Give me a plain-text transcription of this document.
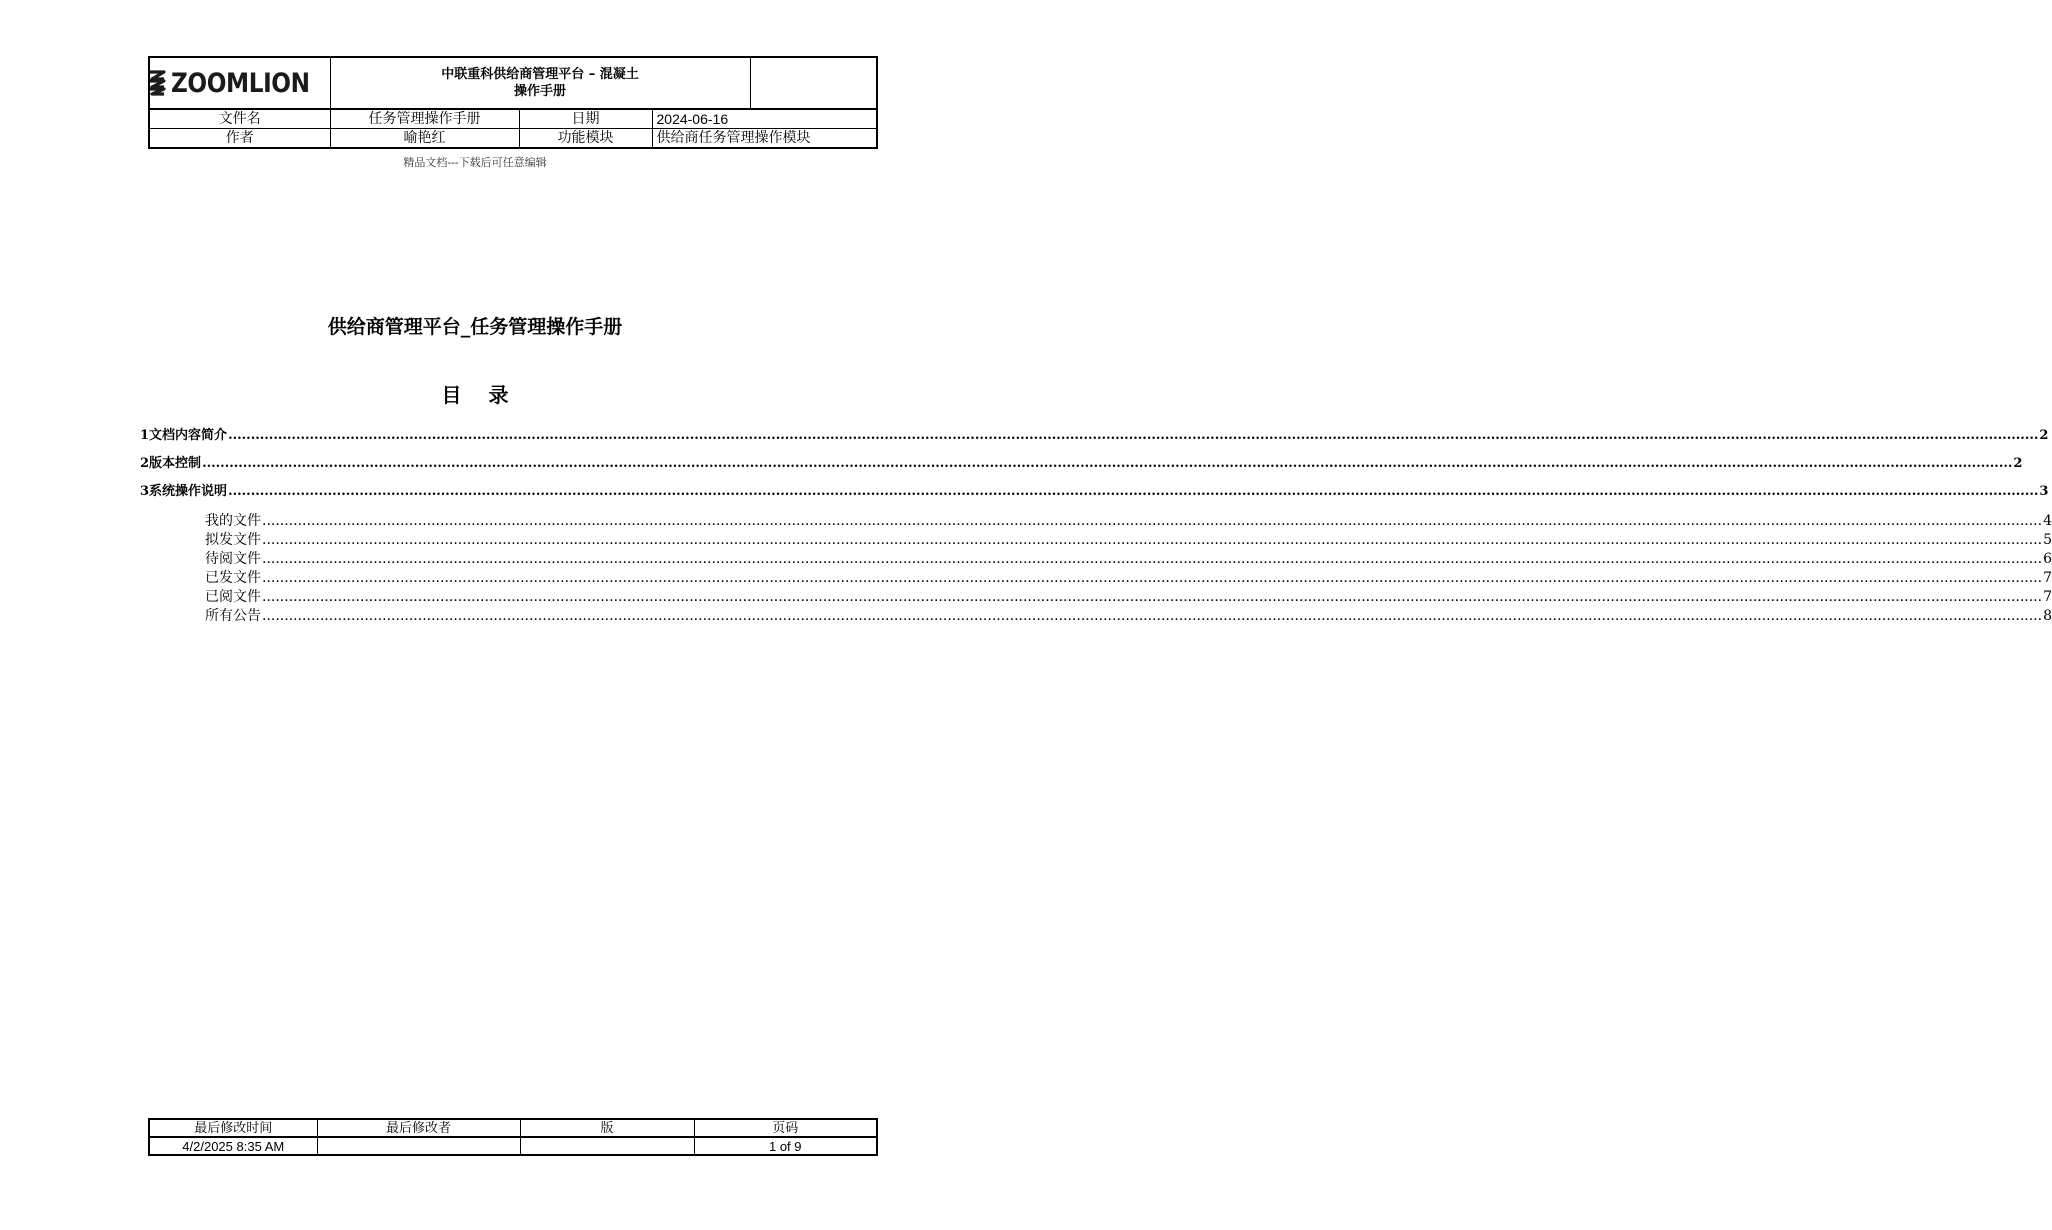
ZOOMLION	中联重科供给商管理平台 – 混凝土
操作手册			

文件名	任务管理操作手册	日期	2024-06-16	
作者	喻艳红	功能模块	供给商任务管理操作模块	
精品文档---下载后可任意编辑
供给商管理平台_任务管理操作手册
目 录
1 文档内容简介 ................................................................................................................................................................................................................................................................................................................................................................................................................ 2
2 版本控制 ................................................................................................................................................................................................................................................................................................................................................................................................................ 2
3 系统操作说明 ................................................................................................................................................................................................................................................................................................................................................................................................................ 3
我的文件 ................................................................................................................................................................................................................................................................................................................................................................................................................ 4
拟发文件 ................................................................................................................................................................................................................................................................................................................................................................................................................ 5
待阅文件 ................................................................................................................................................................................................................................................................................................................................................................................................................ 6
已发文件 ................................................................................................................................................................................................................................................................................................................................................................................................................ 7
已阅文件 ................................................................................................................................................................................................................................................................................................................................................................................................................ 7
所有公告 ................................................................................................................................................................................................................................................................................................................................................................................................................ 8
最后修改时间	最后修改者	版	页码
4/2/2025 8:35 AM			1 of 9
